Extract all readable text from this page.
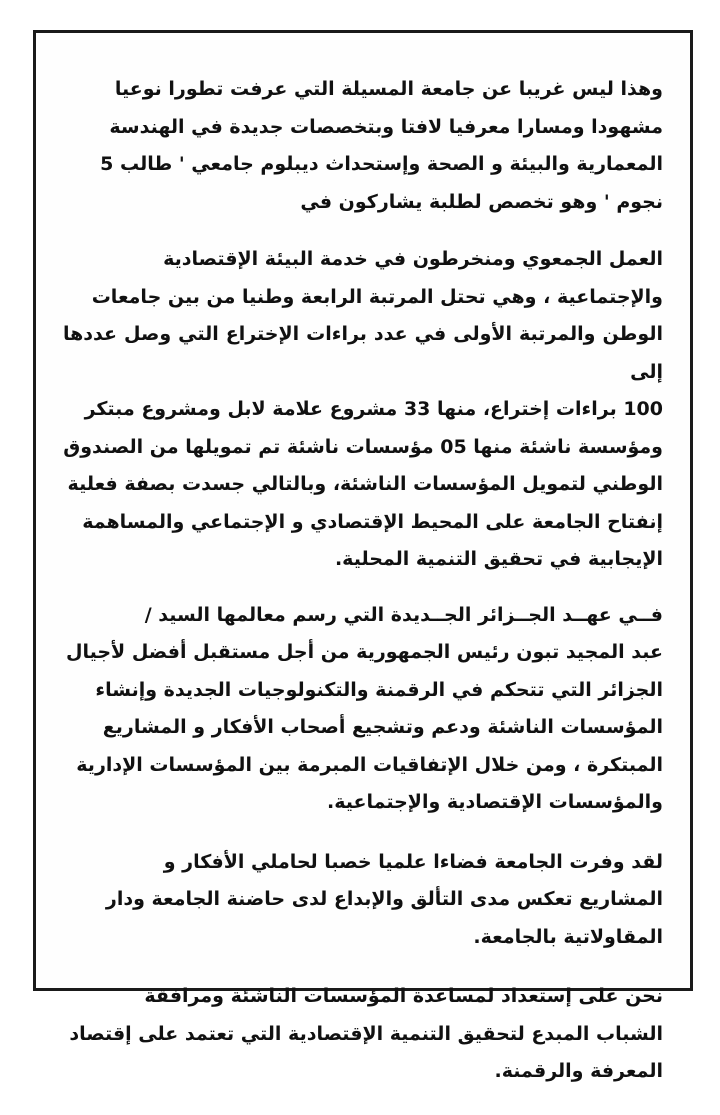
وهذا ليس غريبا عن جامعة المسيلة التي عرفت تطورا نوعيا
مشهودا ومسارا معرفيا لافتا وبتخصصات جديدة في الهندسة
المعمارية والبيئة و الصحة وإستحداث ديبلوم جامعي ' طالب 5
نجوم ' وهو تخصص لطلبة يشاركون في

العمل الجمعوي ومنخرطون في خدمة البيئة الإقتصادية
والإجتماعية ، وهي تحتل المرتبة الرابعة وطنيا من بين جامعات
الوطن والمرتبة الأولى في عدد براءات الإختراع التي وصل عددها إلى
100 براءات إختراع، منها 33 مشروع علامة لابل ومشروع مبتكر
ومؤسسة ناشئة منها 05 مؤسسات ناشئة تم تمويلها من الصندوق
الوطني لتمويل المؤسسات الناشئة، وبالتالي جسدت بصفة فعلية
إنفتاح الجامعة على المحيط الإقتصادي و الإجتماعي والمساهمة
الإيجابية في تحقيق التنمية المحلية.

فــي عهــد الجــزائر الجــديدة التي رسم معالمها السيد /
عبد المجيد تبون رئيس الجمهورية من أجل مستقبل أفضل لأجيال
الجزائر التي تتحكم في الرقمنة والتكنولوجيات الجديدة وإنشاء
المؤسسات الناشئة ودعم وتشجيع أصحاب الأفكار و المشاريع
المبتكرة ، ومن خلال الإتفاقيات المبرمة بين المؤسسات الإدارية
والمؤسسات الإقتصادية والإجتماعية.

لقد وفرت الجامعة فضاءا علميا خصبا لحاملي الأفكار و
المشاريع تعكس مدى التألق والإبداع لدى حاضنة الجامعة ودار
المقاولاتية بالجامعة.

نحن على إستعداد لمساعدة المؤسسات الناشئة ومرافقة
الشباب المبدع لتحقيق التنمية الإقتصادية التي تعتمد على إقتصاد
المعرفة والرقمنة.
